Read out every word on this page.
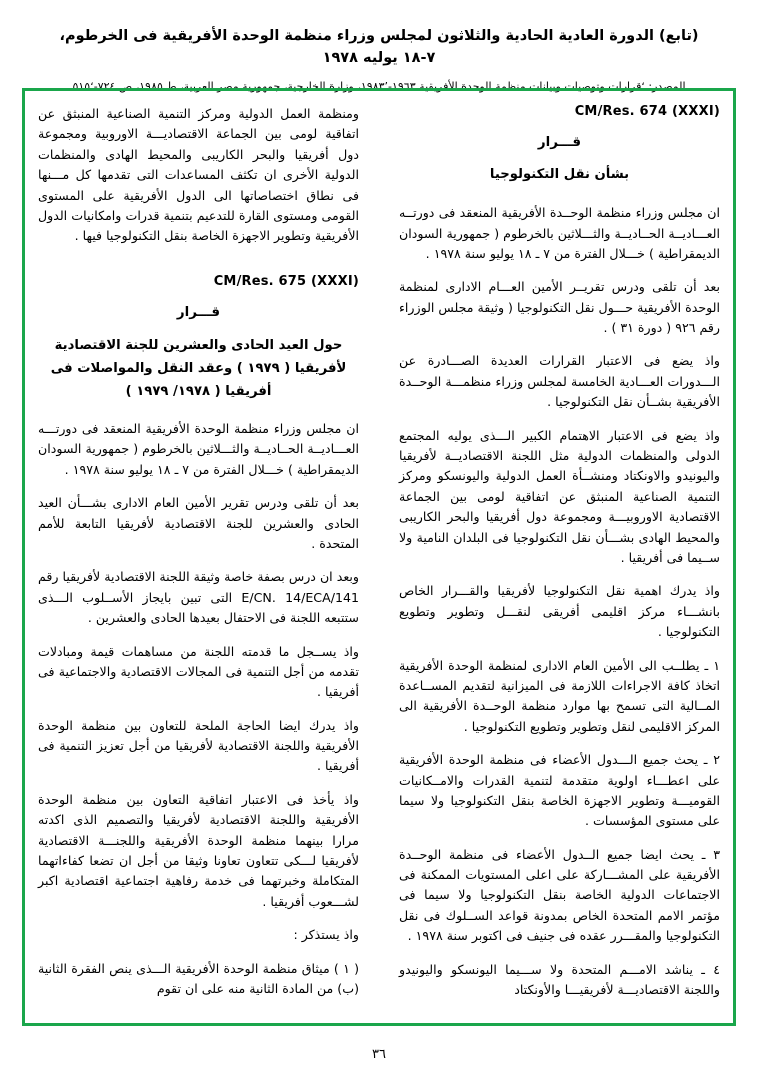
(تابع) الدورة العادية الحادية والثلاثون لمجلس وزراء منظمة الوحدة الأفريقية فى الخرطوم، ٧-١٨ يوليه ١٩٧٨
المصدر: ʻقرارات وتوصيات وبيانات منظمة الوحدة الأفريقية ١٩٦٣-١٩٨٣ʼ، وزارة الخارجية، جمهورية مصر العربية، ط ١٩٨٥، ص ٧٢٤-٥١٥ʻ
CM/Res. 674 (XXXI)
قـــرار
بشأن نقل التكنولوجيا

ان مجلس وزراء منظمة الوحــدة الأفريقية المنعقد فى دورتــه العـــاديــة الحــاديــة والثـــلاثين بالخرطوم ( جمهورية السودان الديمقراطية ) خـــلال الفترة من ٧ ـ ١٨ يوليو سنة ١٩٧٨ .

بعد أن تلقى ودرس تقريــر الأمين العـــام الادارى لمنظمة الوحدة الأفريقية حـــول نقل التكنولوجيا ( وثيقة مجلس الوزراء رقم ٩٢٦ ( دورة ٣١ ) .

واذ يضع فى الاعتبار القرارات العديدة الصـــادرة عن الـــدورات العـــادية الخامسة لمجلس وزراء منظمـــة الوحــدة الأفريقية بشــأن نقل التكنولوجيا .

واذ يضع فى الاعتبار الاهتمام الكبير الـــذى يوليه المجتمع الدولى والمنظمات الدولية مثل اللجنة الاقتصاديــة لأفريقيا واليونيدو والاونكتاد ومنشــأة العمل الدولية واليونسكو ومركز التنمية الصناعية المنبثق عن اتفاقية لومى بين الجماعة الاقتصادية الاوروبيـــة ومجموعة دول أفريقيا والبحر الكاريبى والمحيط الهادى بشـــأن نقل التكنولوجيا فى البلدان النامية ولا ســيما فى أفريقيا .

واذ يدرك اهمية نقل التكنولوجيا لأفريقيا والقـــرار الخاص بانشـــاء مركز اقليمى أفريقى لنقـــل وتطوير وتطويع التكنولوجيا .

١ ـ يطلــب الى الأمين العام الادارى لمنظمة الوحدة الأفريقية اتخاذ كافة الاجراءات اللازمة فى الميزانية لتقديم المســاعدة المــالية التى تسمح بها موارد منظمة الوحــدة الأفريقية الى المركز الاقليمى لنقل وتطوير وتطويع التكنولوجيا .

٢ ـ يحث جميع الـــدول الأعضاء فى منظمة الوحدة الأفريقية على اعطـــاء اولوية متقدمة لتنمية القدرات والامــكانيات القوميـــة وتطوير الاجهزة الخاصة بنقل التكنولوجيا ولا سيما على مستوى المؤسسات .

٣ ـ يحث ايضا جميع الــدول الأعضاء فى منظمة الوحــدة الأفريقية على المشـــاركة على اعلى المستويات الممكنة فى الاجتماعات الدولية الخاصة بنقل التكنولوجيا ولا سيما فى مؤتمر الامم المتحدة الخاص بمدونة قواعد الســلوك فى نقل التكنولوجيا والمقـــرر عقده فى جنيف فى اكتوبر سنة ١٩٧٨ .

٤ ـ يناشد الامـــم المتحدة ولا ســـيما اليونسكو واليونيدو واللجنة الاقتصاديـــة لأفريقيـــا والأونكتاد

ومنظمة العمل الدولية ومركز التنمية الصناعية المنبثق عن اتفاقية لومى بين الجماعة الاقتصاديـــة الاوروبية ومجموعة دول أفريقيا والبحر الكاريبى والمحيط الهادى والمنظمات الدولية الأخرى ان تكثف المساعدات التى تقدمها كل مـــنها فى نطاق اختصاصاتها الى الدول الأفريقية على المستوى القومى ومستوى القارة للتدعيم بتنمية قدرات وامكانيات الدول الأفريقية وتطوير الاجهزة الخاصة بنقل التكنولوجيا فيها .

CM/Res. 675 (XXXI)
قـــرار
حول العيد الحادى والعشرين للجنة الاقتصادية
لأفريقيا ( ١٩٧٩ ) وعقد النقل والمواصلات فى
أفريقيا ( ١٩٧٨/ ١٩٧٩ )

ان مجلس وزراء منظمة الوحدة الأفريقية المنعقد فى دورتـــه العـــاديــة الحــاديــة والثـــلاثين بالخرطوم ( جمهورية السودان الديمقراطية ) خـــلال الفترة من ٧ ـ ١٨ يوليو سنة ١٩٧٨ .

بعد أن تلقى ودرس تقرير الأمين العام الادارى بشـــأن العيد الحادى والعشرين للجنة الاقتصادية لأفريقيا التابعة للأمم المتحدة .

وبعد ان درس بصفة خاصة وثيقة اللجنة الاقتصادية لأفريقيا رقم E/CN. 14/ECA/141 التى تبين بايجاز الأســلوب الـــذى ستتبعه اللجنة فى الاحتفال بعيدها الحادى والعشرين .

واذ يســجل ما قدمته اللجنة من مساهمات قيمة ومبادلات تقدمه من أجل التنمية فى المجالات الاقتصادية والاجتماعية فى أفريقيا .

واذ يدرك ايضا الحاجة الملحة للتعاون بين منظمة الوحدة الأفريقية واللجنة الاقتصادية لأفريقيا من أجل تعزيز التنمية فى أفريقيا .

واذ يأخذ فى الاعتبار اتفاقية التعاون بين منظمة الوحدة الأفريقية واللجنة الاقتصادية لأفريقيا والتصميم الذى اكدته مرارا بينهما منظمة الوحدة الأفريقية واللجنـــة الاقتصادية لأفريقيا لـــكى تتعاون تعاونا وثيقا من أجل ان تضعا كفاءاتهما المتكاملة وخبرتهما فى خدمة رفاهية اجتماعية اقتصادية اكبر لشـــعوب أفريقيا .

واذ يستذكر :

( ١ ) ميثاق منظمة الوحدة الأفريقية الـــذى ينص الفقرة الثانية (ب) من المادة الثانية منه على ان تقوم

٣٦
